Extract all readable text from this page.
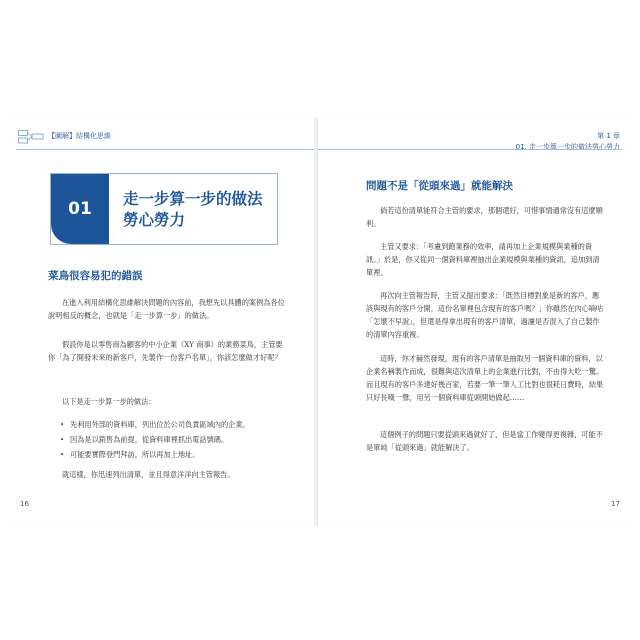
【圖解】結構化思維
01
走一步算一步的做法
勞心勞力
菜鳥很容易犯的錯誤

在進入利用結構化思維解決問題的內容前，我想先以具體的案例為各位說明相反的概念，也就是「走一步算一步」的做法。

假設你是以零售商為顧客的中小企業（XY 商事）的業務菜鳥，主管要你「為了開發未來的新客戶，先製作一份客戶名單」，你該怎麼做才好呢？

以下是走一步算一步的做法：

• 先利用外部的資料庫，列出位於公司負責區域內的企業。
• 因為是以銷售為前提，從資料庫裡抓出電話號碼。
• 可能要實際登門拜訪，所以再加上地址。

就這樣，你迅速列出清單，並且得意洋洋向主管報告。

16
第 1 章
01. 走一步算一步的做法勞心勞力
問題不是「從頭來過」就能解決

倘若這份清單能符合主管的要求，那個還好，可惜事情通常沒有這麼順利。

主管又要求：「考慮到跑業務的效率，請再加上企業規模與業種的資訊。」於是，你又從同一個資料庫裡抽出企業規模與業種的資訊，追加到清單裡。

再次向主管報告時，主管又提出要求：「既然目標對象是新的客戶，應該與現有的客戶分開，這份名單裡包含現有的客戶嗎？」你雖然在內心嘀咕「怎麼不早說」，但還是得拿出現有的客戶清單，過濾是否混入了自己製作的清單內容重複。

這時，你才赫然發現，現有的客戶清單是抽取另一個資料庫的資料，以企業名稱製作而成，很難與這次清單上的企業進行比對，不由得大吃一驚。而且現有的客戶多達好幾百家，若要一筆一筆人工比對也很耗日費時，結果只好長嘆一聲，用另一個資料庫從頭開始做起……

這個例子的問題只要從頭來過就好了，但是當工作變得更複雜，可能不是單純「從頭來過」就能解決了。

17
